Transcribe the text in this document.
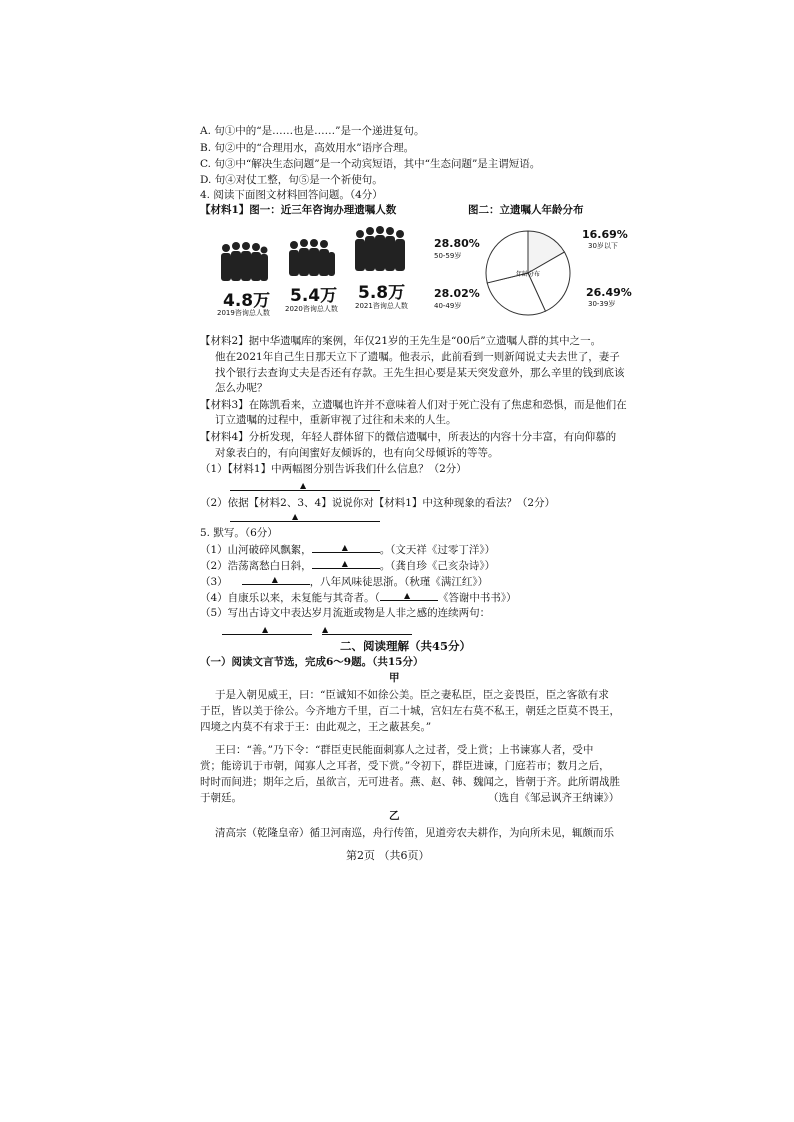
A. 句①中的“是……也是……”是一个递进复句。
B. 句②中的“合理用水，高效用水”语序合理。
C. 句③中“解决生态问题”是一个动宾短语，其中“生态问题”是主谓短语。
D. 句④对仗工整，句⑤是一个祈使句。
4. 阅读下面图文材料回答问题。（4分）
【材料1】图一：近三年咨询办理遗嘱人数	图二：立遗嘱人年龄分布
4.8万 5.4万 5.8万
2019咨询总人数 2020咨询总人数 2021咨询总人数
年龄分布
28.80%
50-59岁
28.02%
40-49岁
16.69%
30岁以下
26.49%
30-39岁
【材料2】据中华遗嘱库的案例，年仅21岁的王先生是“00后”立遗嘱人群的其中之一。
他在2021年自己生日那天立下了遗嘱。他表示，此前看到一则新闻说丈夫去世了，妻子
找个银行去查询丈夫是否还有存款。王先生担心要是某天突发意外，那么辛里的钱到底该
怎么办呢？
【材料3】在陈凯看来，立遗嘱也许并不意味着人们对于死亡没有了焦虑和恐惧，而是他们在
订立遗嘱的过程中，重新审视了过往和未来的人生。
【材料4】分析发现，年轻人群体留下的微信遗嘱中，所表达的内容十分丰富，有向仰慕的
对象表白的，有向闺蜜好友倾诉的，也有向父母倾诉的等等。
（1）【材料1】中两幅图分别告诉我们什么信息？（2分）
▲
（2）依据【材料2、3、4】说说你对【材料1】中这种现象的看法？（2分）
▲
5. 默写。（6分）
（1）山河破碎风飘絮，	▲	。（文天祥《过零丁洋》）
（2）浩荡离愁白日斜，	▲	。（龚自珍《己亥杂诗》）
（3）	▲	，八年风味徒思浙。（秋瑾《满江红》）
（4）自康乐以来，未复能与其奇者。（	▲	《答谢中书书》）
（5）写出古诗文中表达岁月流逝或物是人非之感的连续两句：
▲	▲
二、阅读理解（共45分）
（一）阅读文言节选，完成6～9题。（共15分）
甲
于是入朝见威王，曰：“臣诚知不如徐公美。臣之妻私臣，臣之妾畏臣，臣之客欲有求
于臣，皆以美于徐公。今齐地方千里，百二十城，宫妇左右莫不私王，朝廷之臣莫不畏王，
四境之内莫不有求于王：由此观之，王之蔽甚矣。”
王曰：“善。”乃下令：“群臣吏民能面刺寡人之过者，受上赏；上书谏寡人者，受中
赏；能谤讥于市朝，闻寡人之耳者，受下赏。”令初下，群臣进谏，门庭若市；数月之后，
时时而间进；期年之后，虽欲言，无可进者。燕、赵、韩、魏闻之，皆朝于齐。此所谓战胜
于朝廷。	（选自《邹忌讽齐王纳谏》）
乙
清高宗（乾隆皇帝）循卫河南巡，舟行传笛，见道旁农夫耕作，为向所未见，辄颇而乐
第2页 （共6页）
